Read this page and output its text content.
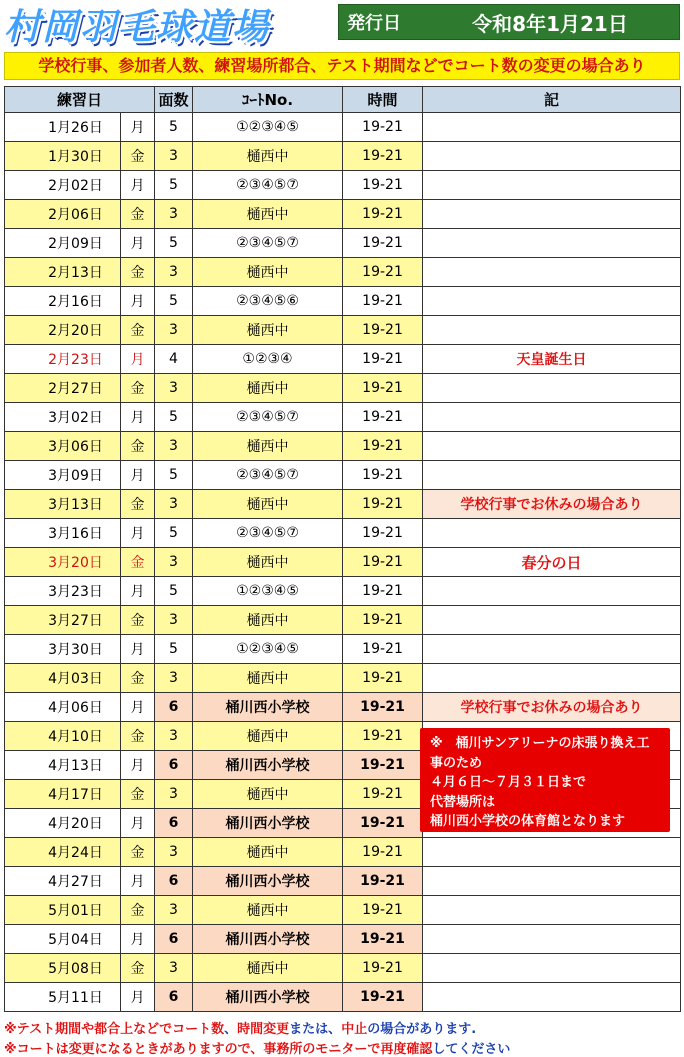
村岡羽毛球道場	発行日	令和8年1月21日
学校行事、参加者人数、練習場所都合、テスト期間などでコート数の変更の場合あり
練習日		面数	ｺｰﾄNo.	時間	記
1月26日	月	5	①②③④⑤	19-21	
1月30日	金	3	樋西中	19-21	
2月02日	月	5	②③④⑤⑦	19-21	
2月06日	金	3	樋西中	19-21	
2月09日	月	5	②③④⑤⑦	19-21	
2月13日	金	3	樋西中	19-21	
2月16日	月	5	②③④⑤⑥	19-21	
2月20日	金	3	樋西中	19-21	
2月23日	月	4	①②③④	19-21	天皇誕生日
2月27日	金	3	樋西中	19-21	
3月02日	月	5	②③④⑤⑦	19-21	
3月06日	金	3	樋西中	19-21	
3月09日	月	5	②③④⑤⑦	19-21	
3月13日	金	3	樋西中	19-21	学校行事でお休みの場合あり
3月16日	月	5	②③④⑤⑦	19-21	
3月20日	金	3	樋西中	19-21	春分の日
3月23日	月	5	①②③④⑤	19-21	
3月27日	金	3	樋西中	19-21	
3月30日	月	5	①②③④⑤	19-21	
4月03日	金	3	樋西中	19-21	
4月06日	月	6	桶川西小学校	19-21	学校行事でお休みの場合あり
4月10日	金	3	樋西中	19-21	
4月13日	月	6	桶川西小学校	19-21	
4月17日	金	3	樋西中	19-21	
4月20日	月	6	桶川西小学校	19-21	
4月24日	金	3	樋西中	19-21	
4月27日	月	6	桶川西小学校	19-21	
5月01日	金	3	樋西中	19-21	
5月04日	月	6	桶川西小学校	19-21	
5月08日	金	3	樋西中	19-21	
5月11日	月	6	桶川西小学校	19-21	
※　桶川サンアリーナの床張り換え工事のため
４月６日～７月３１日まで
代替場所は
桶川西小学校の体育館となります
※テスト期間や都合上などでコート数、時間変更または、中止の場合があります.
※コートは変更になるときがありますので、事務所のモニターで再度確認してください
